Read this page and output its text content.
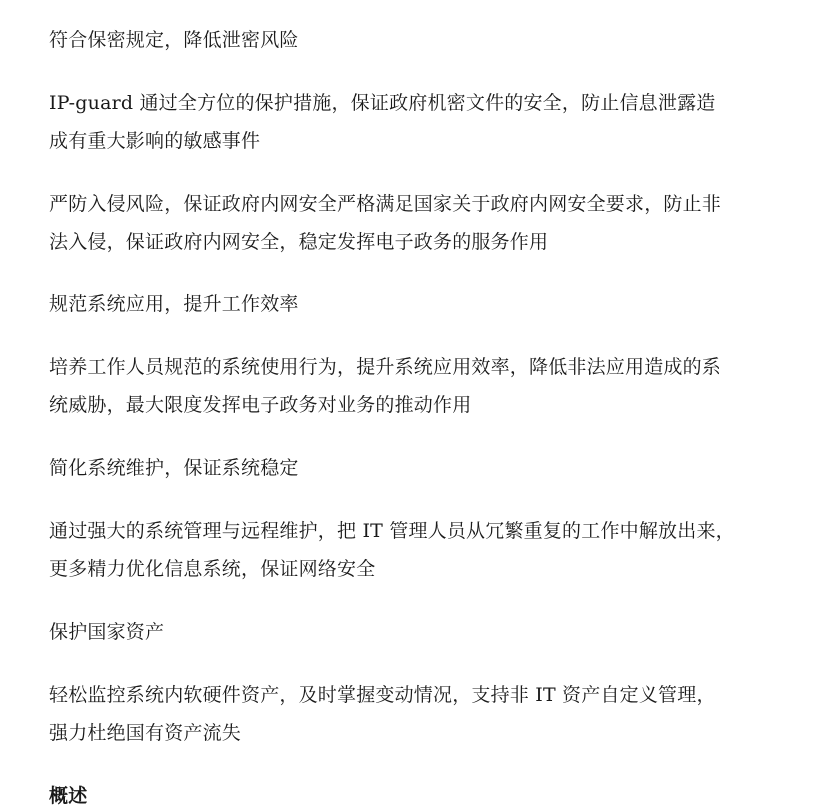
符合保密规定，降低泄密风险
IP-guard 通过全方位的保护措施，保证政府机密文件的安全，防止信息泄露造
成有重大影响的敏感事件
严防入侵风险，保证政府内网安全严格满足国家关于政府内网安全要求，防止非
法入侵，保证政府内网安全，稳定发挥电子政务的服务作用
规范系统应用，提升工作效率
培养工作人员规范的系统使用行为，提升系统应用效率，降低非法应用造成的系
统威胁，最大限度发挥电子政务对业务的推动作用
简化系统维护，保证系统稳定
通过强大的系统管理与远程维护，把 IT 管理人员从冗繁重复的工作中解放出来，
更多精力优化信息系统，保证网络安全
保护国家资产
轻松监控系统内软硬件资产，及时掌握变动情况，支持非 IT 资产自定义管理，
强力杜绝国有资产流失
概述
